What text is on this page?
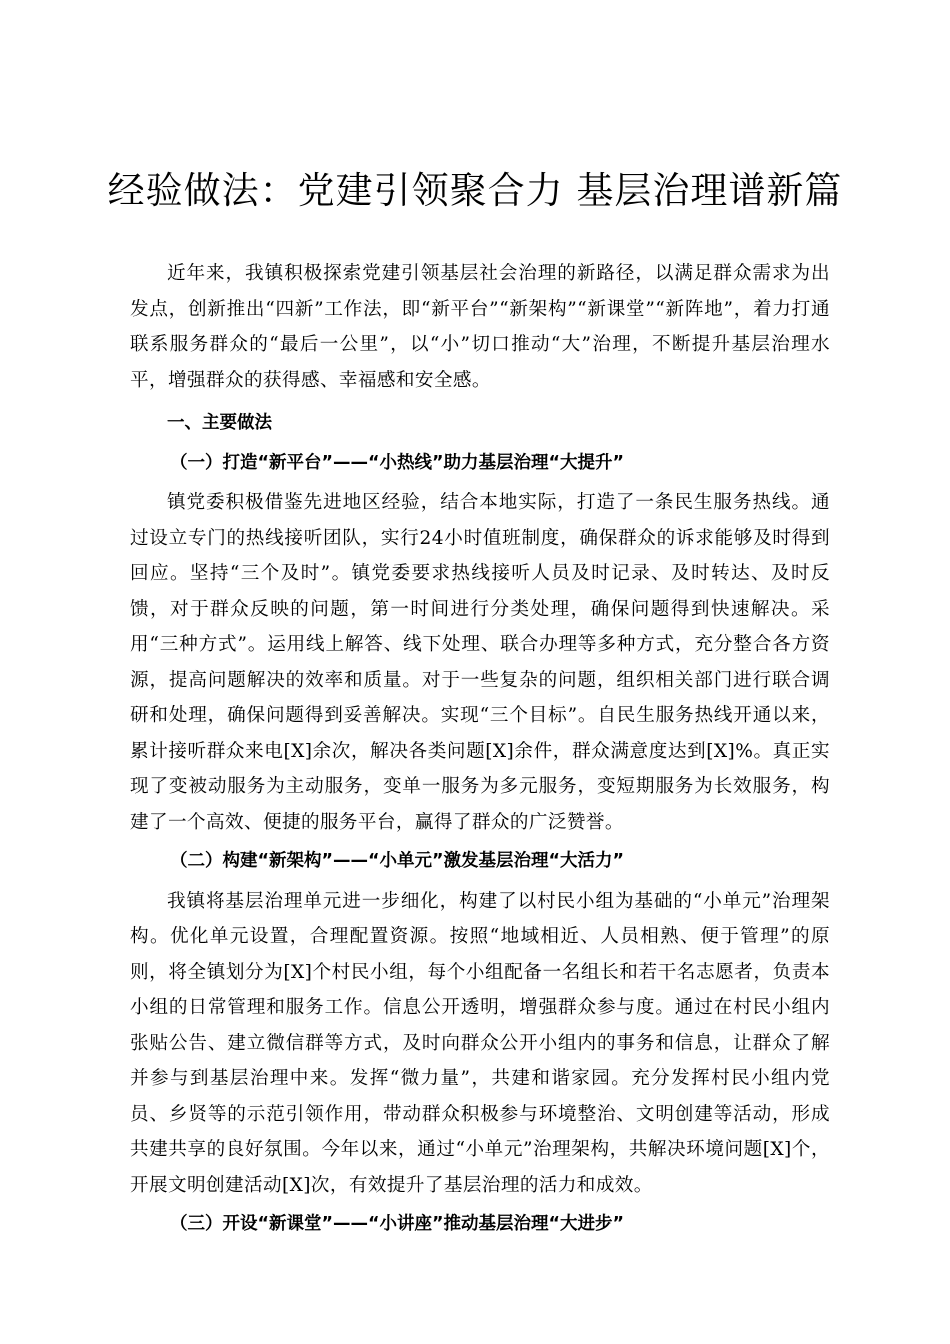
经验做法：党建引领聚合力 基层治理谱新篇

近年来，我镇积极探索党建引领基层社会治理的新路径，以满足群众需求为出发点，创新推出“四新”工作法，即“新平台”“新架构”“新课堂”“新阵地”，着力打通联系服务群众的“最后一公里”，以“小”切口推动“大”治理，不断提升基层治理水平，增强群众的获得感、幸福感和安全感。

一、主要做法

（一）打造“新平台”——“小热线”助力基层治理“大提升”

镇党委积极借鉴先进地区经验，结合本地实际，打造了一条民生服务热线。通过设立专门的热线接听团队，实行24小时值班制度，确保群众的诉求能够及时得到回应。坚持“三个及时”。镇党委要求热线接听人员及时记录、及时转达、及时反馈，对于群众反映的问题，第一时间进行分类处理，确保问题得到快速解决。采用“三种方式”。运用线上解答、线下处理、联合办理等多种方式，充分整合各方资源，提高问题解决的效率和质量。对于一些复杂的问题，组织相关部门进行联合调研和处理，确保问题得到妥善解决。实现“三个目标”。自民生服务热线开通以来，累计接听群众来电[X]余次，解决各类问题[X]余件，群众满意度达到[X]%。真正实现了变被动服务为主动服务，变单一服务为多元服务，变短期服务为长效服务，构建了一个高效、便捷的服务平台，赢得了群众的广泛赞誉。

（二）构建“新架构”——“小单元”激发基层治理“大活力”

我镇将基层治理单元进一步细化，构建了以村民小组为基础的“小单元”治理架构。优化单元设置，合理配置资源。按照“地域相近、人员相熟、便于管理”的原则，将全镇划分为[X]个村民小组，每个小组配备一名组长和若干名志愿者，负责本小组的日常管理和服务工作。信息公开透明，增强群众参与度。通过在村民小组内张贴公告、建立微信群等方式，及时向群众公开小组内的事务和信息，让群众了解并参与到基层治理中来。发挥“微力量”，共建和谐家园。充分发挥村民小组内党员、乡贤等的示范引领作用，带动群众积极参与环境整治、文明创建等活动，形成共建共享的良好氛围。今年以来，通过“小单元”治理架构，共解决环境问题[X]个，开展文明创建活动[X]次，有效提升了基层治理的活力和成效。

（三）开设“新课堂”——“小讲座”推动基层治理“大进步”
